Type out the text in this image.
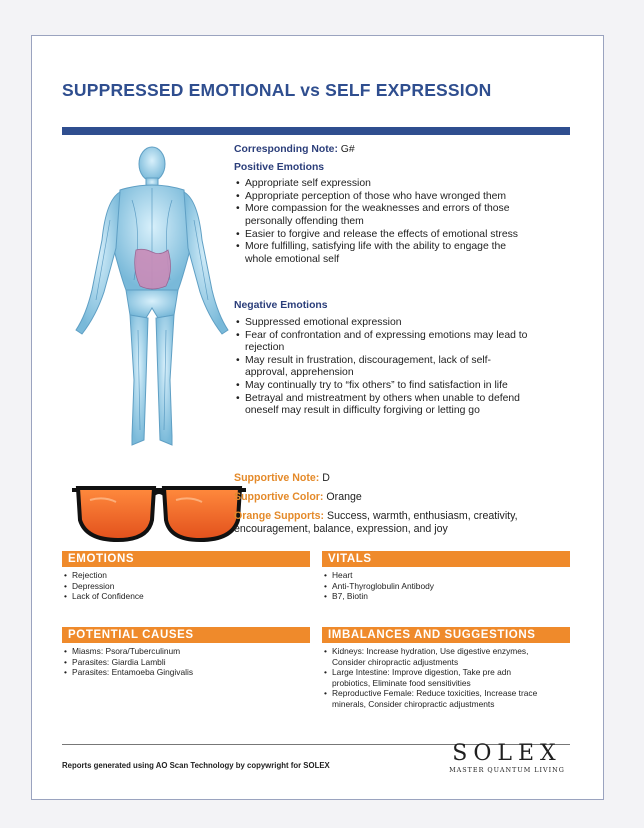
SUPPRESSED EMOTIONAL vs SELF EXPRESSION

Corresponding Note: G#

Positive Emotions
• Appropriate self expression
• Appropriate perception of those who have wronged them
• More compassion for the weaknesses and errors of those
personally offending them
• Easier to forgive and release the effects of emotional stress
• More fulfilling, satisfying life with the ability to engage the
whole emotional self
Negative Emotions
• Suppressed emotional expression
• Fear of confrontation and of expressing emotions may lead to
rejection
• May result in frustration, discouragement, lack of self-
approval, apprehension
• May continually try to “fix others” to find satisfaction in life
• Betrayal and mistreatment by others when unable to defend
oneself may result in difficulty forgiving or letting go

Supportive Note: D

Supportive Color: Orange

Orange Supports: Success, warmth, enthusiasm, creativity,
encouragement, balance, expression, and joy

EMOTIONS
• Rejection
• Depression
• Lack of Confidence
VITALS
• Heart
• Anti-Thyroglobulin Antibody
• B7, Biotin
POTENTIAL CAUSES
• Miasms: Psora/Tuberculinum
• Parasites: Giardia Lambli
• Parasites: Entamoeba Gingivalis
IMBALANCES AND SUGGESTIONS
• Kidneys: Increase hydration, Use digestive enzymes,
Consider chiropractic adjustments
• Large Intestine: Improve digestion, Take pre adn
probiotics, Eliminate food sensitivities
• Reproductive Female: Reduce toxicities, Increase trace
minerals, Consider chiropractic adjustments
Reports generated using AO Scan Technology by copywright for SOLEX	SOLEX
MASTER QUANTUM LIVING
